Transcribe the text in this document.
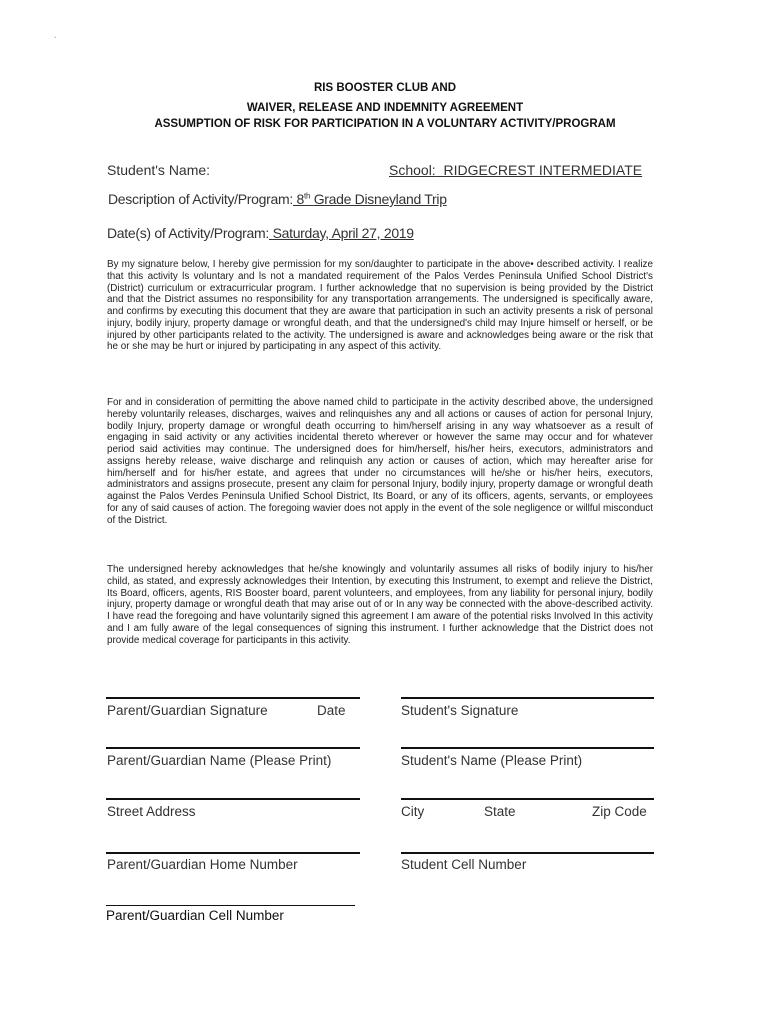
`
RIS BOOSTER CLUB AND
WAIVER, RELEASE AND INDEMNITY AGREEMENT
ASSUMPTION OF RISK FOR PARTICIPATION IN A VOLUNTARY ACTIVITY/PROGRAM
Student's Name:	School: RIDGECREST INTERMEDIATE
Description of Activity/Program: 8th Grade Disneyland Trip
Date(s) of Activity/Program: Saturday, April 27, 2019

By my signature below, I hereby give permission for my son/daughter to participate in the above• described activity. I realize that this activity ls voluntary and ls not a mandated requirement of the Palos Verdes Peninsula Unified School District's (District) curriculum or extracurricular program. I further acknowledge that no supervision is being provided by the District and that the District assumes no responsibility for any transportation arrangements. The undersigned is specifically aware, and confirms by executing this document that they are aware that participation in such an activity presents a risk of personal injury, bodily injury, property damage or wrongful death, and that the undersigned's child may Injure himself or herself, or be injured by other participants related to the activity. The undersigned is aware and acknowledges being aware or the risk that he or she may be hurt or injured by participating in any aspect of this activity.

For and in consideration of permitting the above named child to participate in the activity described above, the undersigned hereby voluntarily releases, discharges, waives and relinquishes any and all actions or causes of action for personal Injury, bodily Injury, property damage or wrongful death occurring to him/herself arising in any way whatsoever as a result of engaging in said activity or any activities incidental thereto wherever or however the same may occur and for whatever period said activities may continue. The undersigned does for him/herself, his/her heirs, executors, administrators and assigns hereby release, waive discharge and relinquish any action or causes of action, which may hereafter arise for him/herself and for his/her estate, and agrees that under no circumstances will he/she or his/her heirs, executors, administrators and assigns prosecute, present any claim for personal Injury, bodily injury, property damage or wrongful death against the Palos Verdes Peninsula Unified School District, Its Board, or any of its officers, agents, servants, or employees for any of said causes of action. The foregoing wavier does not apply in the event of the sole negligence or willful misconduct of the District.

The undersigned hereby acknowledges that he/she knowingly and voluntarily assumes all risks of bodily injury to his/her child, as stated, and expressly acknowledges their Intention, by executing this Instrument, to exempt and relieve the District, Its Board, officers, agents, RIS Booster board, parent volunteers, and employees, from any liability for personal injury, bodily injury, property damage or wrongful death that may arise out of or In any way be connected with the above-described activity. I have read the foregoing and have voluntarily signed this agreement I am aware of the potential risks Involved In this activity and I am fully aware of the legal consequences of signing this instrument. I further acknowledge that the District does not provide medical coverage for participants in this activity.

Parent/Guardian Signature	Date	Student's Signature
Parent/Guardian Name (Please Print)	Student's Name (Please Print)
Street Address	City	State	Zip Code
Parent/Guardian Home Number	Student Cell Number
Parent/Guardian Cell Number
